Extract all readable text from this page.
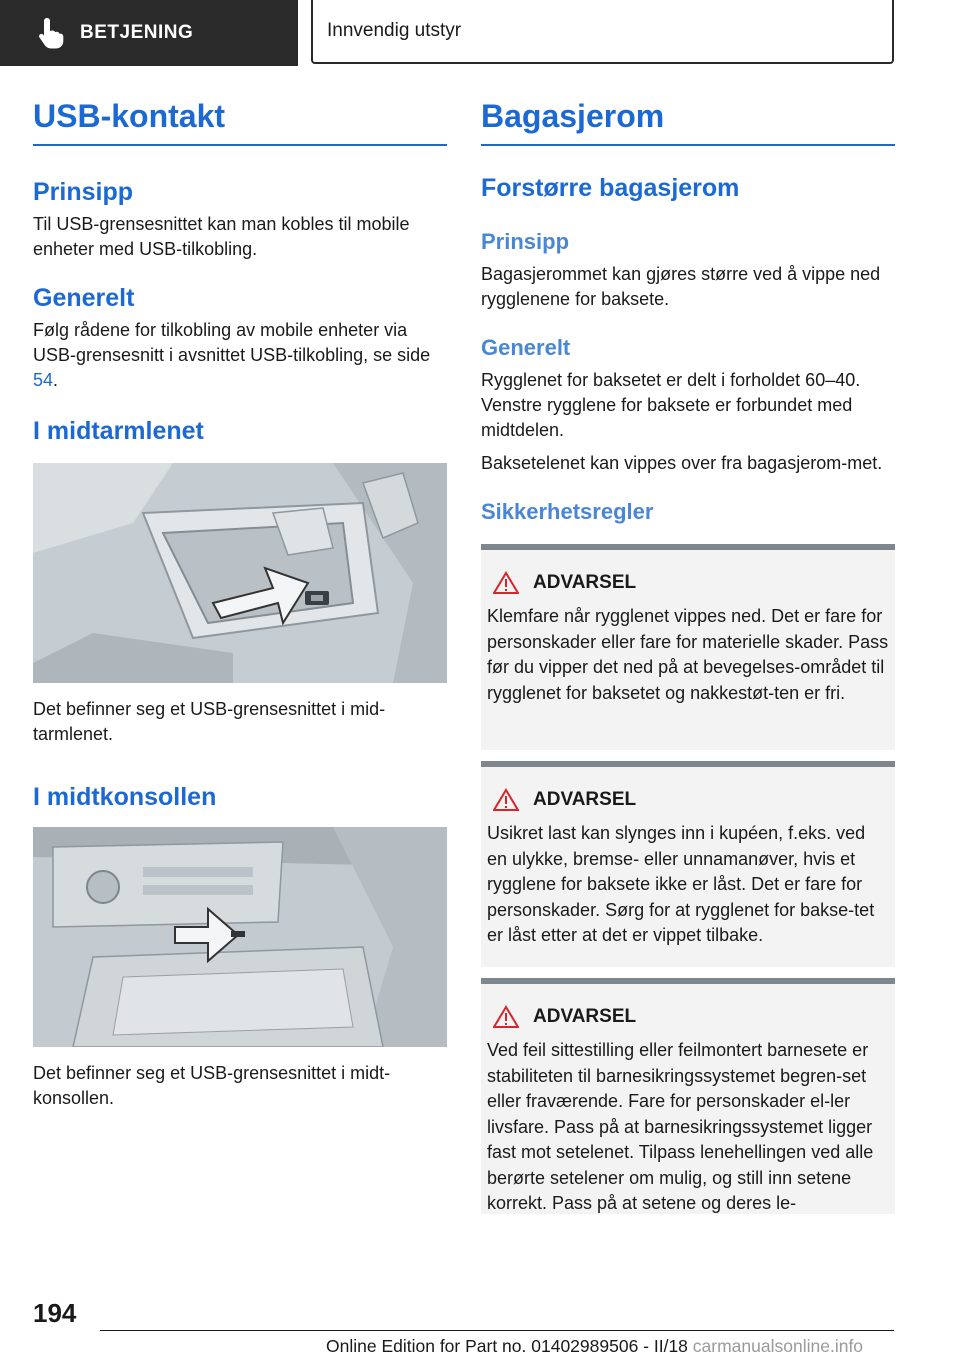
BETJENING	Innvendig utstyr
USB-kontakt
Prinsipp

Til USB-grensesnittet kan man kobles til mobile enheter med USB-tilkobling.

Generelt

Følg rådene for tilkobling av mobile enheter via USB-grensesnitt i avsnittet USB-tilkobling, se side 54.

I midtarmlenet

Det befinner seg et USB-grensesnittet i mid-tarmlenet.

I midtkonsollen

Det befinner seg et USB-grensesnittet i midt-konsollen.

Bagasjerom
Forstørre bagasjerom
Prinsipp

Bagasjerommet kan gjøres større ved å vippe ned rygglenene for baksete.

Generelt

Rygglenet for baksetet er delt i forholdet 60–40. Venstre rygglene for baksete er forbundet med midtdelen.

Baksetelenet kan vippes over fra bagasjerom-met.

Sikkerhetsregler
ADVARSEL

Klemfare når rygglenet vippes ned. Det er fare for personskader eller fare for materielle skader. Pass før du vipper det ned på at bevegelses-området til rygglenet for baksetet og nakkestøt-ten er fri.

ADVARSEL

Usikret last kan slynges inn i kupéen, f.eks. ved en ulykke, bremse- eller unnamanøver, hvis et rygglene for baksete ikke er låst. Det er fare for personskader. Sørg for at rygglenet for bakse-tet er låst etter at det er vippet tilbake.

ADVARSEL

Ved feil sittestilling eller feilmontert barnesete er stabiliteten til barnesikringssystemet begren-set eller fraværende. Fare for personskader el-ler livsfare. Pass på at barnesikringssystemet ligger fast mot setelenet. Tilpass lenehellingen ved alle berørte setelener om mulig, og still inn setene korrekt. Pass på at setene og deres le-

194
Online Edition for Part no. 01402989506 - II/18 carmanualsonline.info
